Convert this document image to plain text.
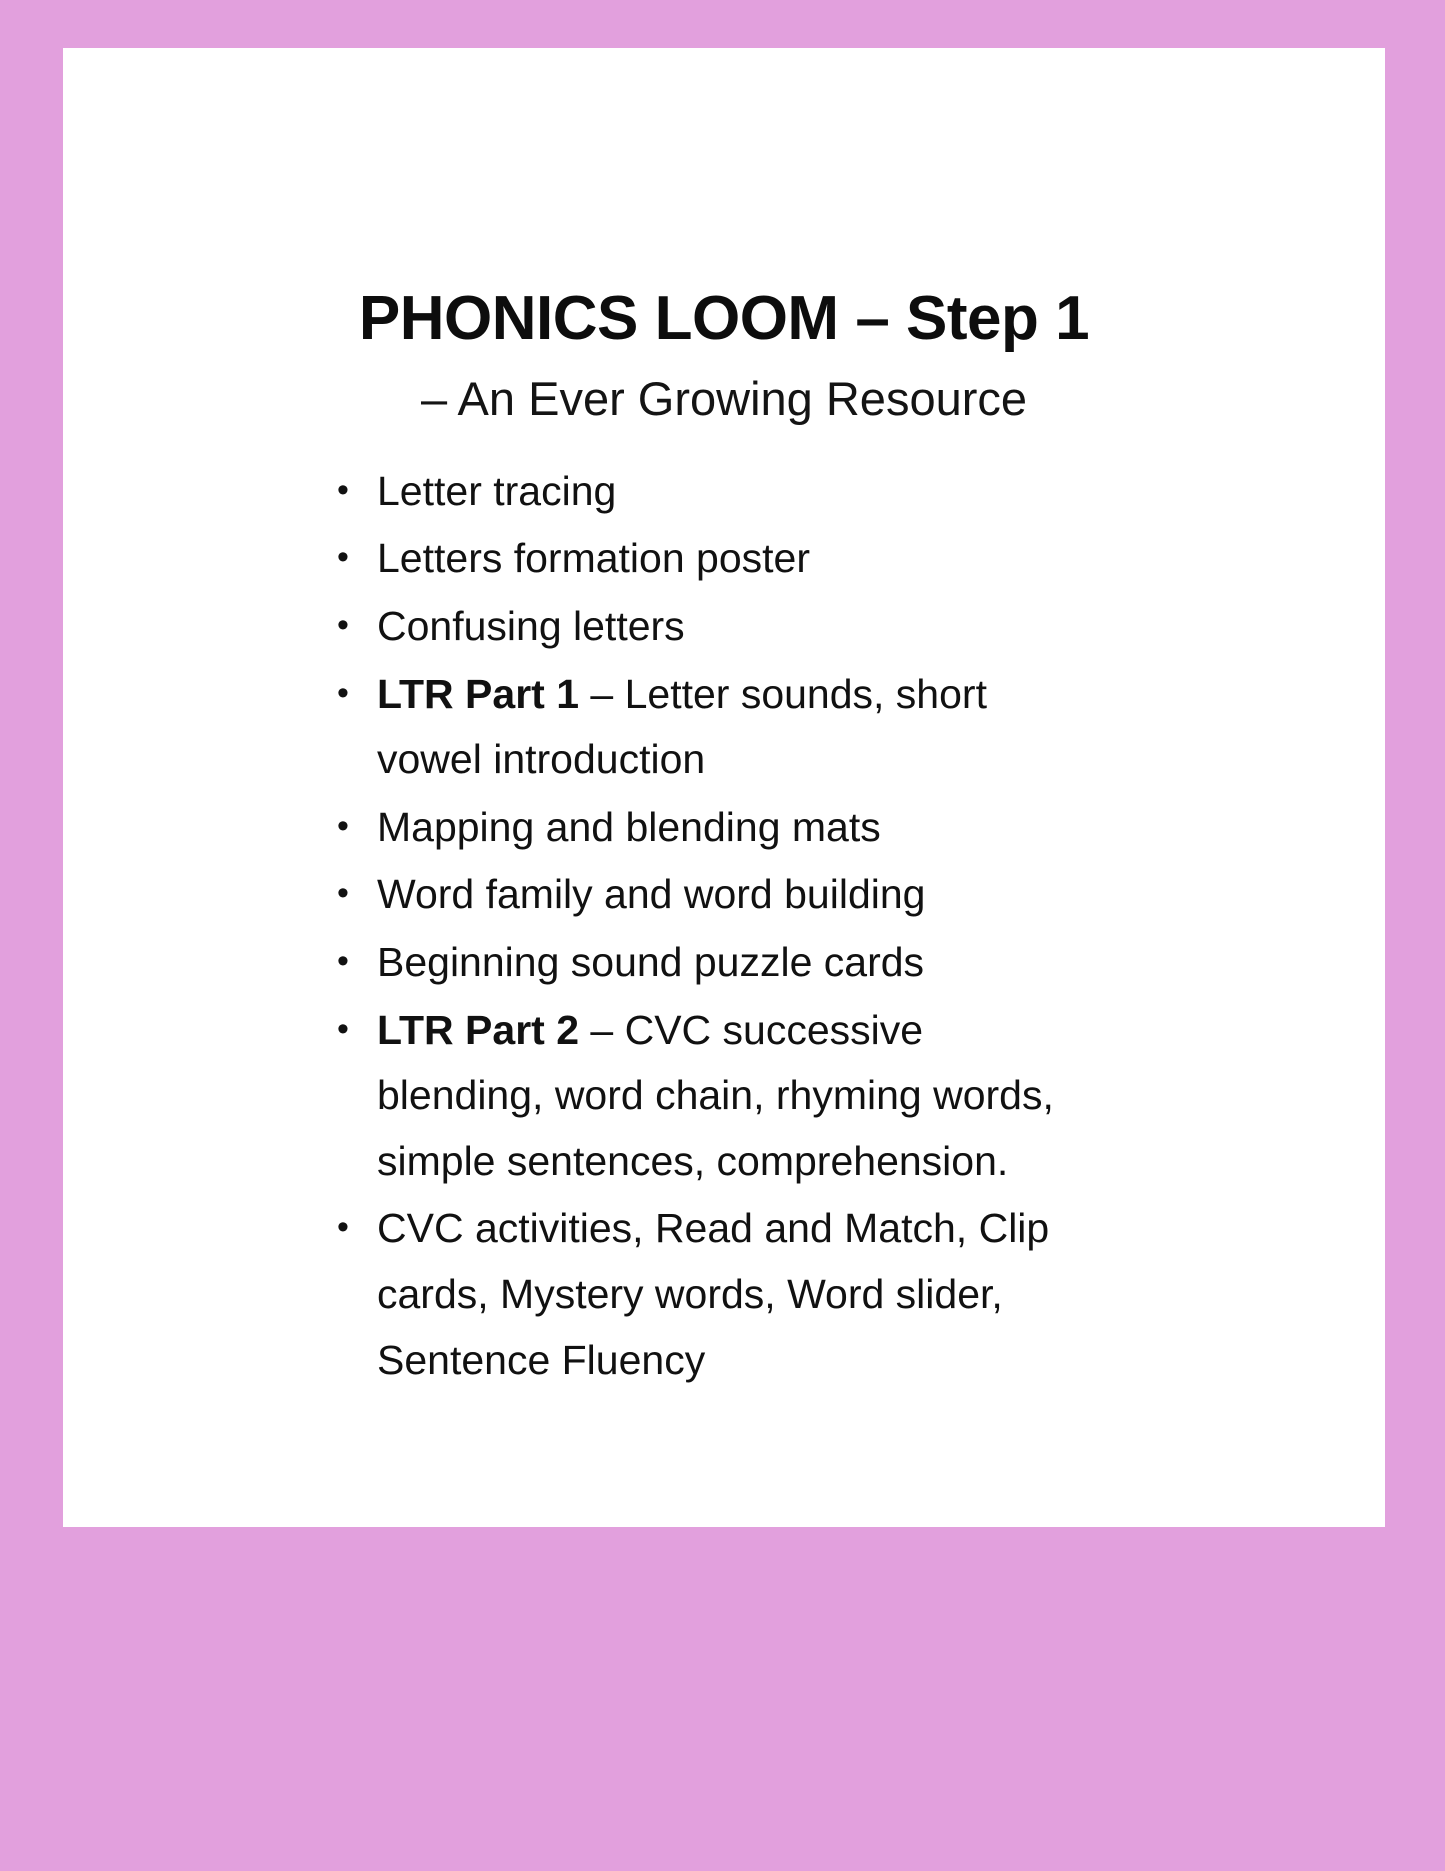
PHONICS LOOM – Step 1
– An Ever Growing Resource
• Letter tracing
• Letters formation poster
• Confusing letters
• LTR Part 1 – Letter sounds, short vowel introduction
• Mapping and blending mats
• Word family and word building
• Beginning sound puzzle cards
• LTR Part 2 – CVC successive blending, word chain, rhyming words, simple sentences, comprehension.
• CVC activities, Read and Match, Clip cards, Mystery words, Word slider, Sentence Fluency
